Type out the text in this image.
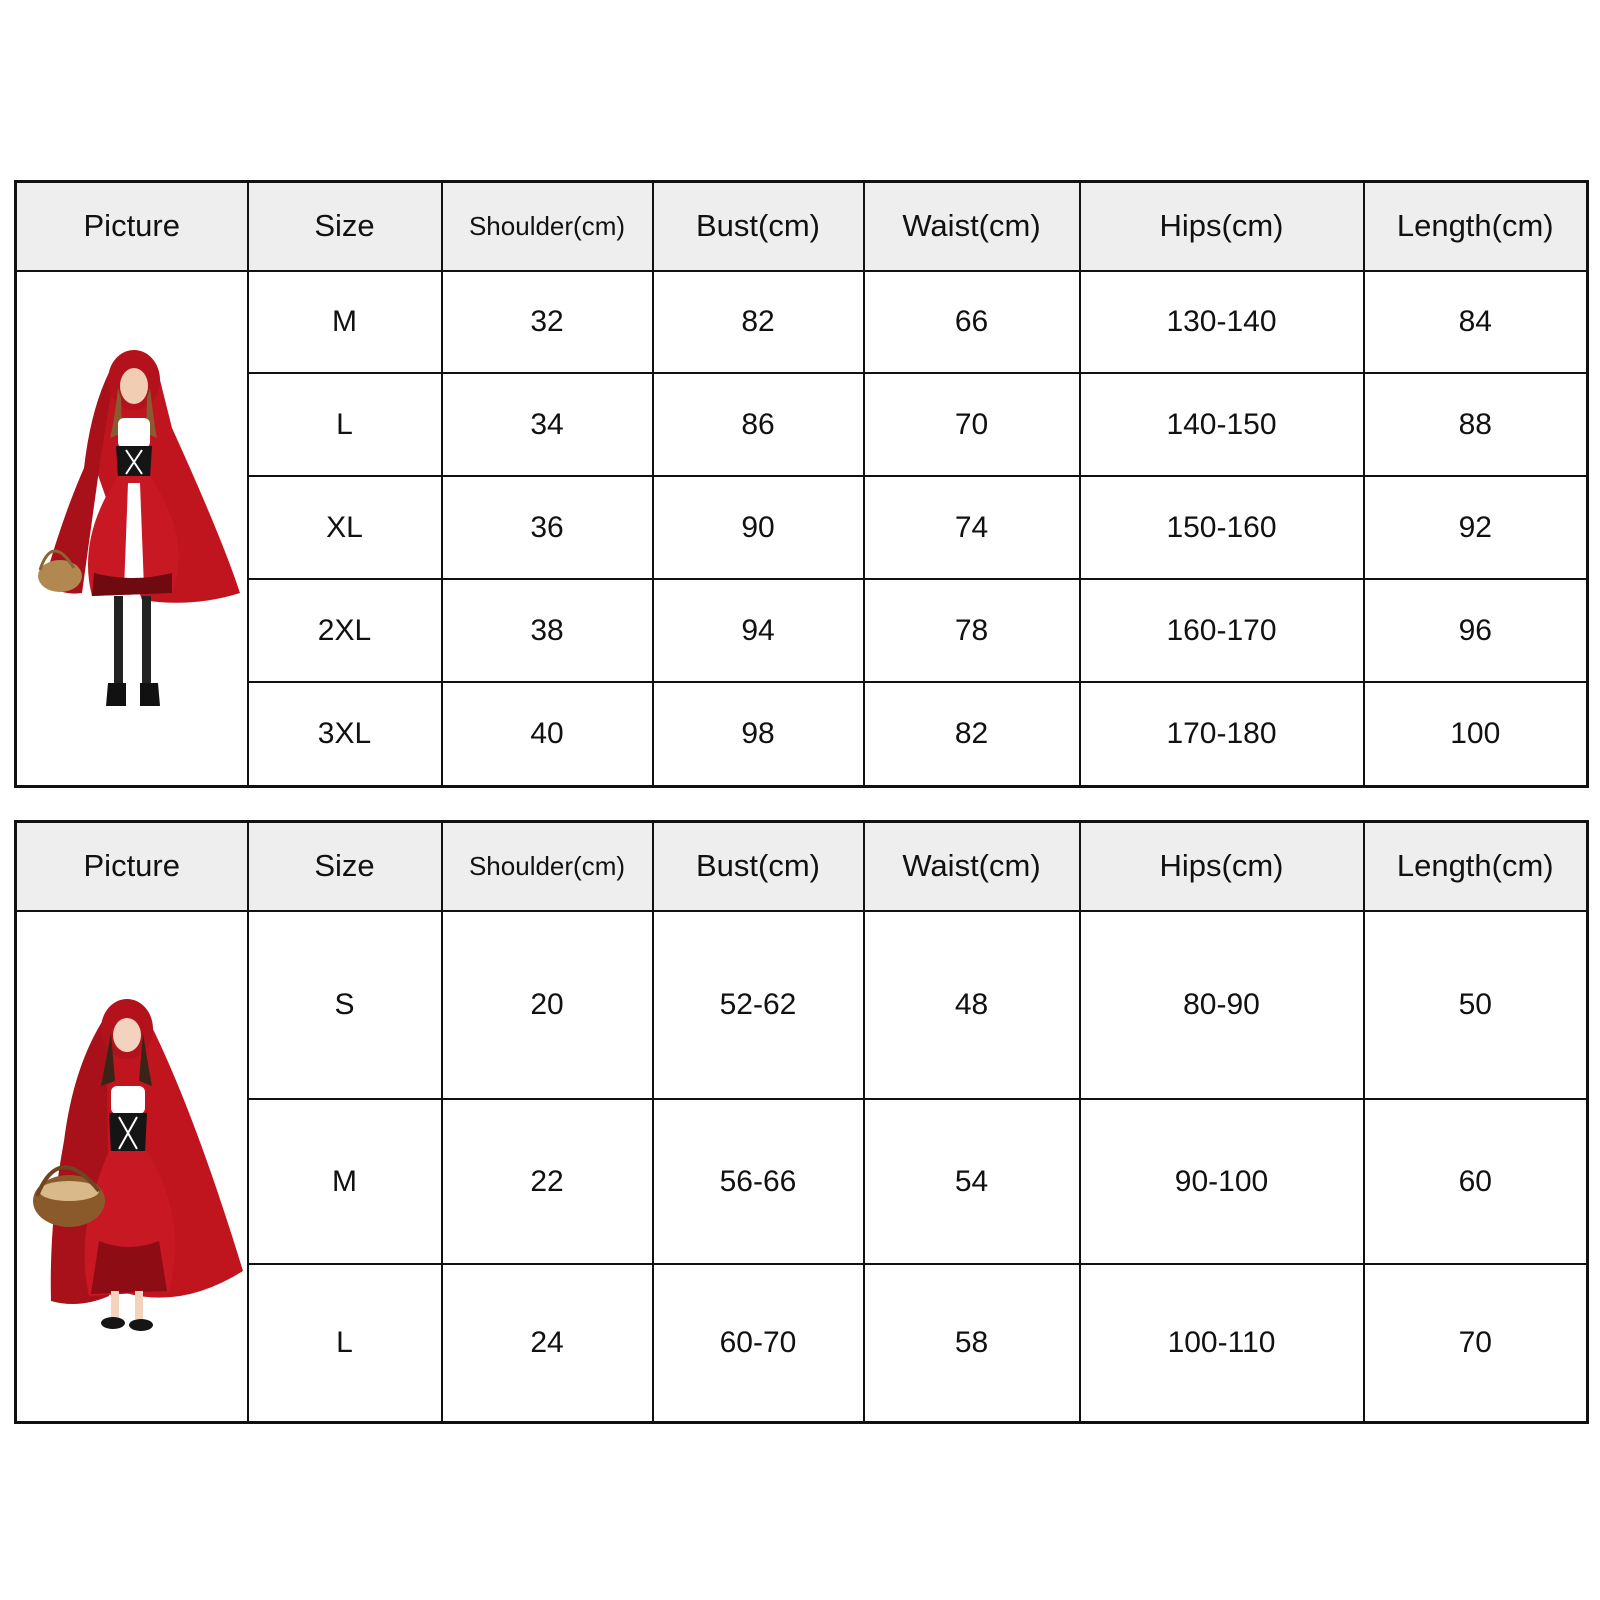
Picture	Size	Shoulder(cm)	Bust(cm)	Waist(cm)	Hips(cm)	Length(cm)

	M	32	82	66	130-140	84
	L	34	86	70	140-150	88
	XL	36	90	74	150-160	92
	2XL	38	94	78	160-170	96
	3XL	40	98	82	170-180	100
Picture	Size	Shoulder(cm)	Bust(cm)	Waist(cm)	Hips(cm)	Length(cm)

	S	20	52-62	48	80-90	50
	M	22	56-66	54	90-100	60
	L	24	60-70	58	100-110	70
